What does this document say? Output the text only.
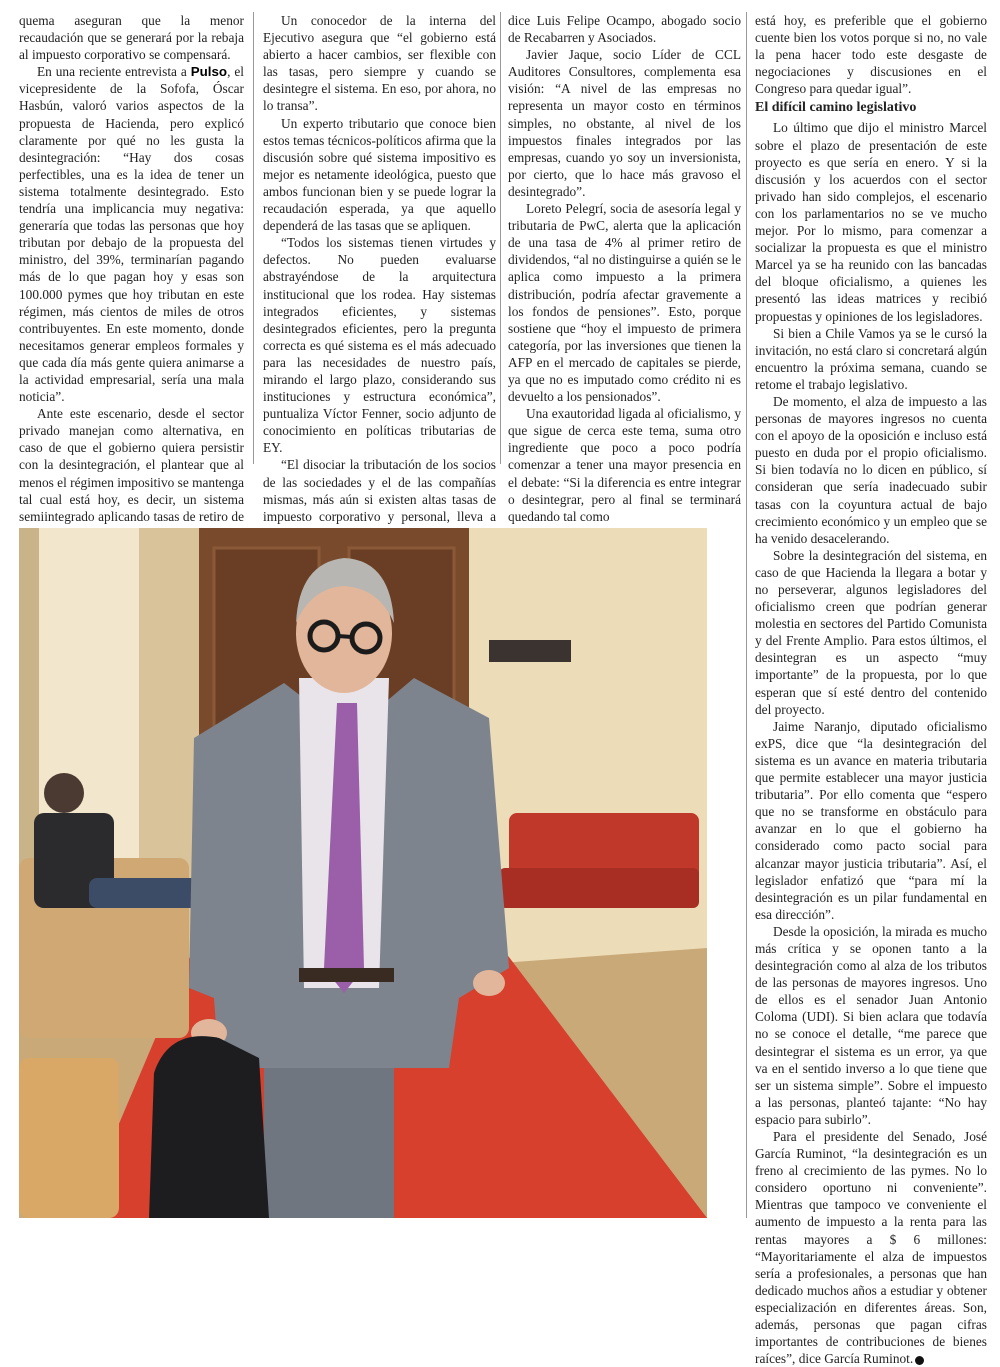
quema aseguran que la menor recaudación que se generará por la rebaja al impuesto corporativo se compensará.

En una reciente entrevista a Pulso, el vicepresidente de la Sofofa, Óscar Hasbún, valoró varios aspectos de la propuesta de Hacienda, pero explicó claramente por qué no les gusta la desintegración: “Hay dos cosas perfectibles, una es la idea de tener un sistema totalmente desintegrado. Esto tendría una implicancia muy negativa: generaría que todas las personas que hoy tributan por debajo de la propuesta del ministro, del 39%, terminarían pagando más de lo que pagan hoy y esas son 100.000 pymes que hoy tributan en este régimen, más cientos de miles de otros contribuyentes. En este momento, donde necesitamos generar empleos formales y que cada día más gente quiera animarse a la actividad empresarial, sería una mala noticia”.

Ante este escenario, desde el sector privado manejan como alternativa, en caso de que el gobierno quiera persistir con la desintegración, el plantear que al menos el régimen impositivo se mantenga tal cual está hoy, es decir, un sistema semiintegrado aplicando tasas de retiro de

Un conocedor de la interna del Ejecutivo asegura que “el gobierno está abierto a hacer cambios, ser flexible con las tasas, pero siempre y cuando se desintegre el sistema. En eso, por ahora, no lo transa”.

Un experto tributario que conoce bien estos temas técnicos-políticos afirma que la discusión sobre qué sistema impositivo es mejor es netamente ideológica, puesto que ambos funcionan bien y se puede lograr la recaudación esperada, ya que aquello dependerá de las tasas que se apliquen.

“Todos los sistemas tienen virtudes y defectos. No pueden evaluarse abstrayéndose de la arquitectura institucional que los rodea. Hay sistemas integrados eficientes, y sistemas desintegrados eficientes, pero la pregunta correcta es qué sistema es el más adecuado para las necesidades de nuestro país, mirando el largo plazo, considerando sus instituciones y estructura económica”, puntualiza Víctor Fenner, socio adjunto de conocimiento en políticas tributarias de EY.

“El disociar la tributación de los socios de las sociedades y el de las compañías mismas, más aún si existen altas tasas de impuesto corporativo y personal, lleva a

dice Luis Felipe Ocampo, abogado socio de Recabarren y Asociados.

Javier Jaque, socio Líder de CCL Auditores Consultores, complementa esa visión: “A nivel de las empresas no representa un mayor costo en términos simples, no obstante, al nivel de los impuestos finales integrados por las empresas, cuando yo soy un inversionista, por cierto, que lo hace más gravoso el desintegrado”.

Loreto Pelegrí, socia de asesoría legal y tributaria de PwC, alerta que la aplicación de una tasa de 4% al primer retiro de dividendos, “al no distinguirse a quién se le aplica como impuesto a la primera distribución, podría afectar gravemente a los fondos de pensiones”. Esto, porque sostiene que “hoy el impuesto de primera categoría, por las inversiones que tienen la AFP en el mercado de capitales se pierde, ya que no es imputado como crédito ni es devuelto a los pensionados”.

Una exautoridad ligada al oficialismo, y que sigue de cerca este tema, suma otro ingrediente que poco a poco podría comenzar a tener una mayor presencia en el debate: “Si la diferencia es entre integrar o desintegrar, pero al final se terminará quedando tal como

está hoy, es preferible que el gobierno cuente bien los votos porque si no, no vale la pena hacer todo este desgaste de negociaciones y discusiones en el Congreso para quedar igual”.

El difícil camino legislativo

Lo último que dijo el ministro Marcel sobre el plazo de presentación de este proyecto es que sería en enero. Y si la discusión y los acuerdos con el sector privado han sido complejos, el escenario con los parlamentarios no se ve mucho mejor. Por lo mismo, para comenzar a socializar la propuesta es que el ministro Marcel ya se ha reunido con las bancadas del bloque oficialismo, a quienes les presentó las ideas matrices y recibió propuestas y opiniones de los legisladores.

Si bien a Chile Vamos ya se le cursó la invitación, no está claro si concretará algún encuentro la próxima semana, cuando se retome el trabajo legislativo.

De momento, el alza de impuesto a las personas de mayores ingresos no cuenta con el apoyo de la oposición e incluso está puesto en duda por el propio oficialismo. Si bien todavía no lo dicen en público, sí consideran que sería inadecuado subir tasas con la coyuntura actual de bajo crecimiento económico y un empleo que se ha venido desacelerando.

Sobre la desintegración del sistema, en caso de que Hacienda la llegara a botar y no perseverar, algunos legisladores del oficialismo creen que podrían generar molestia en sectores del Partido Comunista y del Frente Amplio. Para estos últimos, el desintegran es un aspecto “muy importante” de la propuesta, por lo que esperan que sí esté dentro del contenido del proyecto.

Jaime Naranjo, diputado oficialismo exPS, dice que “la desintegración del sistema es un avance en materia tributaria que permite establecer una mayor justicia tributaria”. Por ello comenta que “espero que no se transforme en obstáculo para avanzar en lo que el gobierno ha considerado como pacto social para alcanzar mayor justicia tributaria”. Así, el legislador enfatizó que “para mí la desintegración es un pilar fundamental en esa dirección”.

Desde la oposición, la mirada es mucho más crítica y se oponen tanto a la desintegración como al alza de los tributos de las personas de mayores ingresos. Uno de ellos es el senador Juan Antonio Coloma (UDI). Si bien aclara que todavía no se conoce el detalle, “me parece que desintegrar el sistema es un error, ya que va en el sentido inverso a lo que tiene que ser un sistema simple”. Sobre el impuesto a las personas, planteó tajante: “No hay espacio para subirlo”.

Para el presidente del Senado, José García Ruminot, “la desintegración es un freno al crecimiento de las pymes. No lo considero oportuno ni conveniente”. Mientras que tampoco ve conveniente el aumento de impuesto a la renta para las rentas mayores a $ 6 millones: “Mayoritariamente el alza de impuestos sería a profesionales, a personas que han dedicado muchos años a estudiar y obtener especialización en diferentes áreas. Son, además, personas que pagan cifras importantes de contribuciones de bienes raíces”, dice García Ruminot.
